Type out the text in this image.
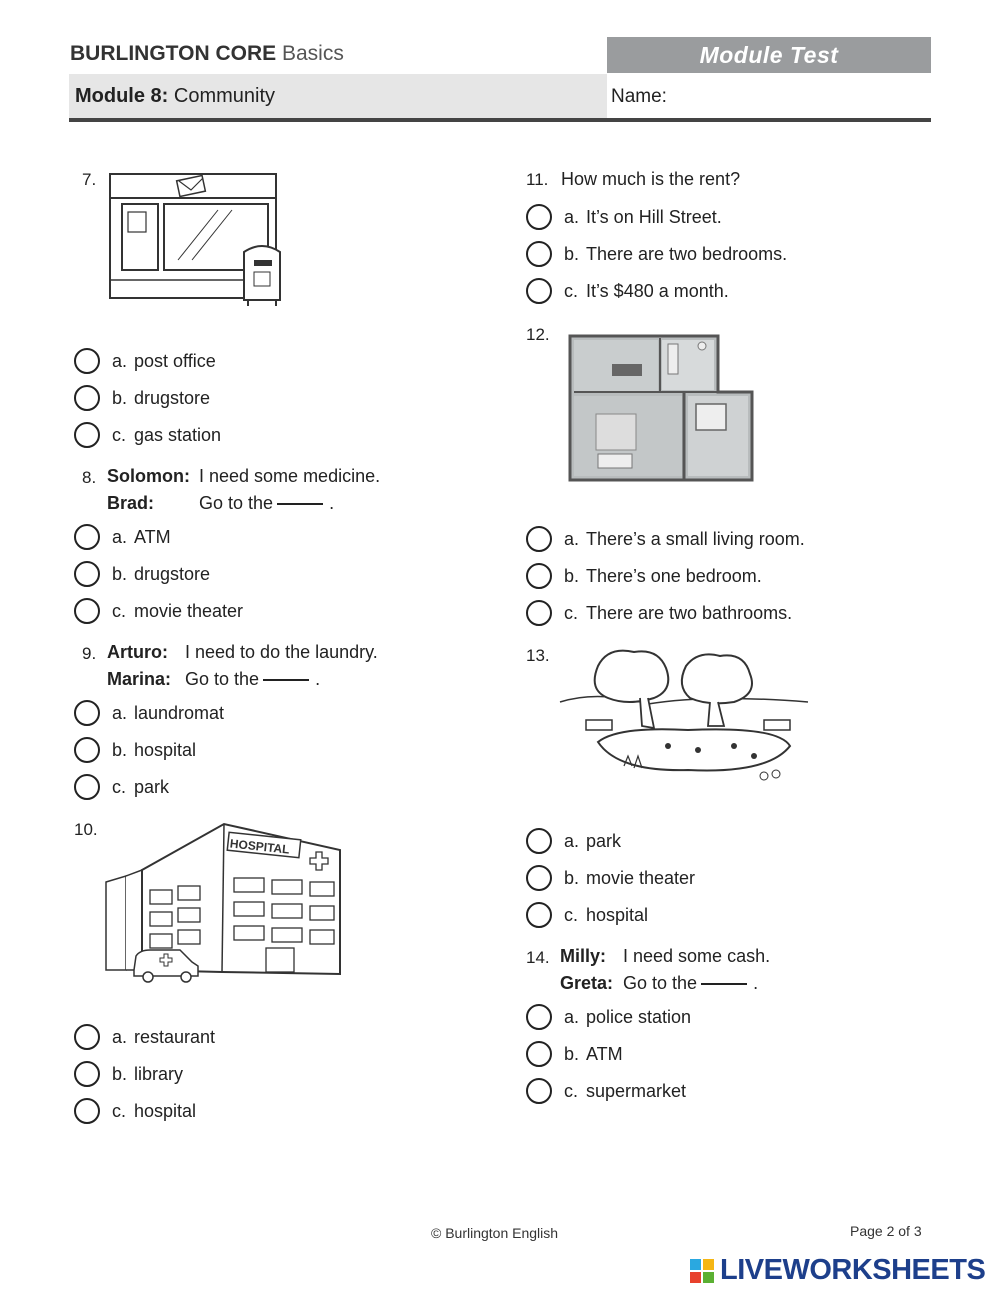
BURLINGTON CORE Basics	Module Test
Module 8: Community	Name:
7.
a. post office
b. drugstore
c. gas station
8. Solomon: I need some medicine.
Brad: Go to the	.
a. ATM
b. drugstore
c. movie theater
9. Arturo: I need to do the laundry.
Marina: Go to the	.
a. laundromat
b. hospital
c. park
10.
HOSPITAL
a. restaurant
b. library
c. hospital
11. How much is the rent?
a. It’s on Hill Street.
b. There are two bedrooms.
c. It’s $480 a month.
12.
a. There’s a small living room.
b. There’s one bedroom.
c. There are two bathrooms.
13.
a. park
b. movie theater
c. hospital
14. Milly: I need some cash.
Greta: Go to the	.
a. police station
b. ATM
c. supermarket
© Burlington English	Page 2 of 3
LIVEWORKSHEETS
